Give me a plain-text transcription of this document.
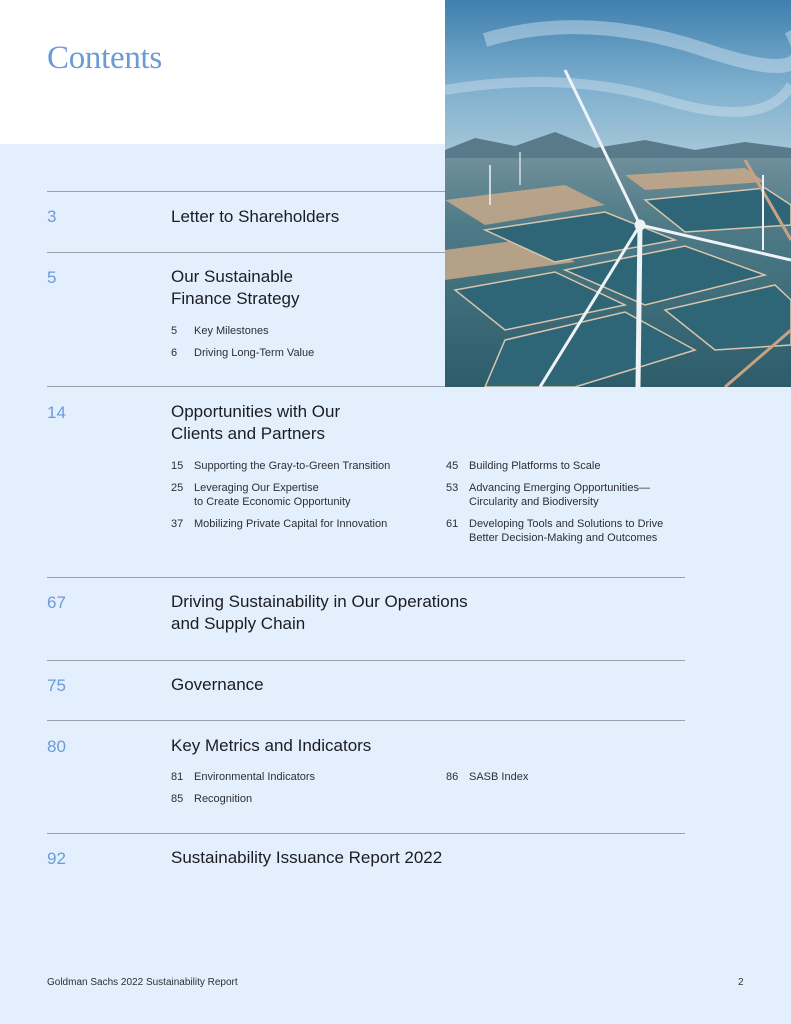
Contents
3	Letter to Shareholders
5	Our Sustainable
Finance Strategy
5	Key Milestones
6	Driving Long-Term Value
14	Opportunities with Our
Clients and Partners
15 Supporting the Gray-to-Green Transition
25 Leveraging Our Expertise
to Create Economic Opportunity
37 Mobilizing Private Capital for Innovation
45 Building Platforms to Scale
53 Advancing Emerging Opportunities—
Circularity and Biodiversity
61 Developing Tools and Solutions to Drive
Better Decision-Making and Outcomes
67	Driving Sustainability in Our Operations
and Supply Chain
75	Governance
80	Key Metrics and Indicators
81 Environmental Indicators
85 Recognition
86 SASB Index
92	Sustainability Issuance Report 2022
Goldman Sachs 2022 Sustainability Report	2
